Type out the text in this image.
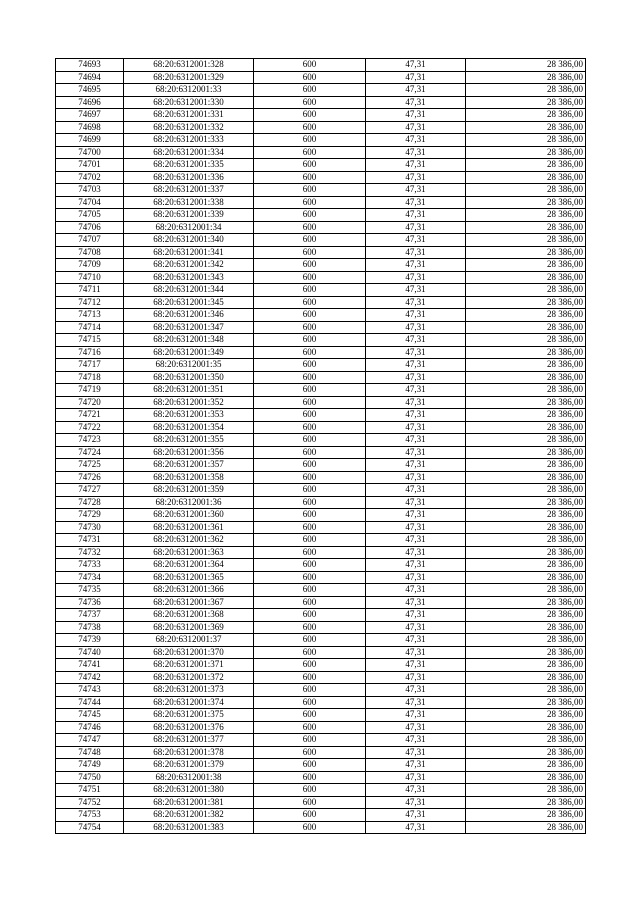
74693	68:20:6312001:328	600	47,31	28 386,00
74694	68:20:6312001:329	600	47,31	28 386,00
74695	68:20:6312001:33	600	47,31	28 386,00
74696	68:20:6312001:330	600	47,31	28 386,00
74697	68:20:6312001:331	600	47,31	28 386,00
74698	68:20:6312001:332	600	47,31	28 386,00
74699	68:20:6312001:333	600	47,31	28 386,00
74700	68:20:6312001:334	600	47,31	28 386,00
74701	68:20:6312001:335	600	47,31	28 386,00
74702	68:20:6312001:336	600	47,31	28 386,00
74703	68:20:6312001:337	600	47,31	28 386,00
74704	68:20:6312001:338	600	47,31	28 386,00
74705	68:20:6312001:339	600	47,31	28 386,00
74706	68:20:6312001:34	600	47,31	28 386,00
74707	68:20:6312001:340	600	47,31	28 386,00
74708	68:20:6312001:341	600	47,31	28 386,00
74709	68:20:6312001:342	600	47,31	28 386,00
74710	68:20:6312001:343	600	47,31	28 386,00
74711	68:20:6312001:344	600	47,31	28 386,00
74712	68:20:6312001:345	600	47,31	28 386,00
74713	68:20:6312001:346	600	47,31	28 386,00
74714	68:20:6312001:347	600	47,31	28 386,00
74715	68:20:6312001:348	600	47,31	28 386,00
74716	68:20:6312001:349	600	47,31	28 386,00
74717	68:20:6312001:35	600	47,31	28 386,00
74718	68:20:6312001:350	600	47,31	28 386,00
74719	68:20:6312001:351	600	47,31	28 386,00
74720	68:20:6312001:352	600	47,31	28 386,00
74721	68:20:6312001:353	600	47,31	28 386,00
74722	68:20:6312001:354	600	47,31	28 386,00
74723	68:20:6312001:355	600	47,31	28 386,00
74724	68:20:6312001:356	600	47,31	28 386,00
74725	68:20:6312001:357	600	47,31	28 386,00
74726	68:20:6312001:358	600	47,31	28 386,00
74727	68:20:6312001:359	600	47,31	28 386,00
74728	68:20:6312001:36	600	47,31	28 386,00
74729	68:20:6312001:360	600	47,31	28 386,00
74730	68:20:6312001:361	600	47,31	28 386,00
74731	68:20:6312001:362	600	47,31	28 386,00
74732	68:20:6312001:363	600	47,31	28 386,00
74733	68:20:6312001:364	600	47,31	28 386,00
74734	68:20:6312001:365	600	47,31	28 386,00
74735	68:20:6312001:366	600	47,31	28 386,00
74736	68:20:6312001:367	600	47,31	28 386,00
74737	68:20:6312001:368	600	47,31	28 386,00
74738	68:20:6312001:369	600	47,31	28 386,00
74739	68:20:6312001:37	600	47,31	28 386,00
74740	68:20:6312001:370	600	47,31	28 386,00
74741	68:20:6312001:371	600	47,31	28 386,00
74742	68:20:6312001:372	600	47,31	28 386,00
74743	68:20:6312001:373	600	47,31	28 386,00
74744	68:20:6312001:374	600	47,31	28 386,00
74745	68:20:6312001:375	600	47,31	28 386,00
74746	68:20:6312001:376	600	47,31	28 386,00
74747	68:20:6312001:377	600	47,31	28 386,00
74748	68:20:6312001:378	600	47,31	28 386,00
74749	68:20:6312001:379	600	47,31	28 386,00
74750	68:20:6312001:38	600	47,31	28 386,00
74751	68:20:6312001:380	600	47,31	28 386,00
74752	68:20:6312001:381	600	47,31	28 386,00
74753	68:20:6312001:382	600	47,31	28 386,00
74754	68:20:6312001:383	600	47,31	28 386,00
